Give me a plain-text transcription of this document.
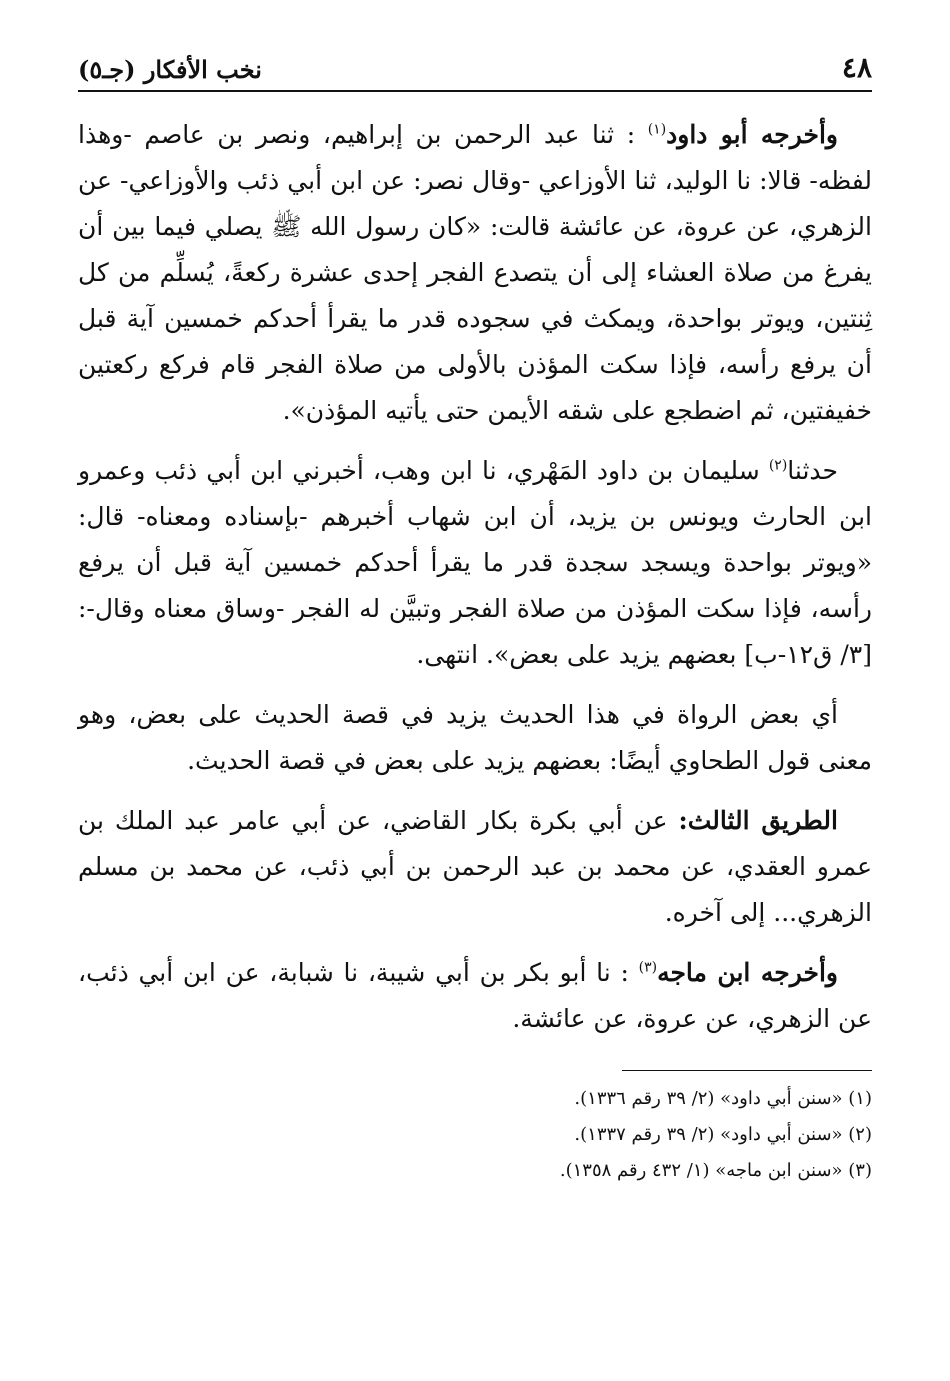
٤٨
نخب الأفكار (جـ٥)

وأخرجه أبو داود$^{(١)}$ : ثنا عبد الرحمن بن إبراهيم، ونصر بن عاصم -وهذا لفظه- قالا: نا الوليد، ثنا الأوزاعي -وقال نصر: عن ابن أبي ذئب والأوزاعي- عن الزهري، عن عروة، عن عائشة قالت: «كان رسول الله ﷺ يصلي فيما بين أن يفرغ من صلاة العشاء إلى أن يتصدع الفجر إحدى عشرة ركعةً، يُسلِّم من كل ثِنتين، ويوتر بواحدة، ويمكث في سجوده قدر ما يقرأ أحدكم خمسين آية قبل أن يرفع رأسه، فإذا سكت المؤذن بالأولى من صلاة الفجر قام فركع ركعتين خفيفتين، ثم اضطجع على شقه الأيمن حتى يأتيه المؤذن».

حدثنا$^{(٢)}$ سليمان بن داود المَهْري، نا ابن وهب، أخبرني ابن أبي ذئب وعمرو ابن الحارث ويونس بن يزيد، أن ابن شهاب أخبرهم -بإسناده ومعناه- قال: «ويوتر بواحدة ويسجد سجدة قدر ما يقرأ أحدكم خمسين آية قبل أن يرفع رأسه، فإذا سكت المؤذن من صلاة الفجر وتبيَّن له الفجر -وساق معناه وقال-: [٣/ ق١٢-ب] بعضهم يزيد على بعض». انتهى.

أي بعض الرواة في هذا الحديث يزيد في قصة الحديث على بعض، وهو معنى قول الطحاوي أيضًا: بعضهم يزيد على بعض في قصة الحديث.

الطريق الثالث: عن أبي بكرة بكار القاضي، عن أبي عامر عبد الملك بن عمرو العقدي، عن محمد بن عبد الرحمن بن أبي ذئب، عن محمد بن مسلم الزهري... إلى آخره.

وأخرجه ابن ماجه$^{(٣)}$ : نا أبو بكر بن أبي شيبة، نا شبابة، عن ابن أبي ذئب، عن الزهري، عن عروة، عن عائشة.

(١) «سنن أبي داود» (٢/ ٣٩ رقم ١٣٣٦).
(٢) «سنن أبي داود» (٢/ ٣٩ رقم ١٣٣٧).
(٣) «سنن ابن ماجه» (١/ ٤٣٢ رقم ١٣٥٨).
